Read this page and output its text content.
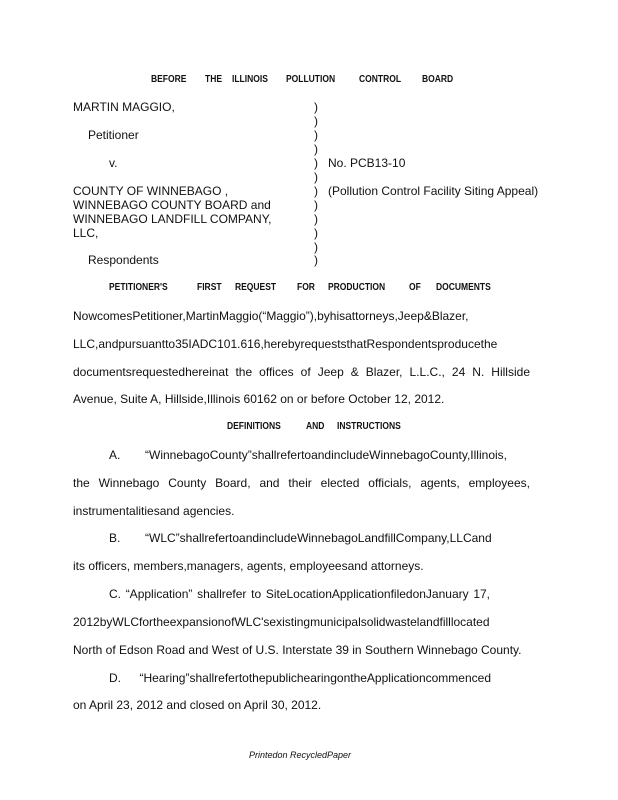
BEFORE THE ILLINOIS POLLUTION CONTROL BOARD
MARTIN MAGGIO,
Petitioner
v.
COUNTY OF WINNEBAGO ,
WINNEBAGO COUNTY BOARD and
WINNEBAGO LANDFILL COMPANY,
LLC,
Respondents
)
)
)
)
)
)
)
)
)
)
)
)
No. PCB13-10
(Pollution Control Facility Siting Appeal)
PETITIONER'S	FIRST REQUEST FOR PRODUCTION OF DOCUMENTS
NowcomesPetitioner,MartinMaggio(“Maggio”),byhisattorneys,Jeep&Blazer,
LLC,andpursuantto35IADC101.616,herebyrequeststhatRespondentsproducethe
documentsrequestedhereinat the offices of Jeep & Blazer, L.L.C., 24 N. Hillside
Avenue, Suite A, Hillside,Illinois 60162 on or before October 12, 2012.
DEFINITIONS	AND INSTRUCTIONS
A. “WinnebagoCounty”shallrefertoandincludeWinnebagoCounty,Illinois,
the Winnebago County Board, and their elected officials, agents, employees,
instrumentalitiesand agencies.
B. “WLC”shallrefertoandincludeWinnebagoLandfillCompany,LLCand
its officers, members,managers, agents, employeesand attorneys.
C. “Application” shallrefer to SiteLocationApplicationfiledonJanuary 17,
2012byWLCfortheexpansionofWLC'sexistingmunicipalsolidwastelandfilllocated
North of Edson Road and West of U.S. Interstate 39 in Southern Winnebago County.
D. “Hearing”shallrefertothepublichearingontheApplicationcommenced
on April 23, 2012 and closed on April 30, 2012.
Printedon RecycledPaper
